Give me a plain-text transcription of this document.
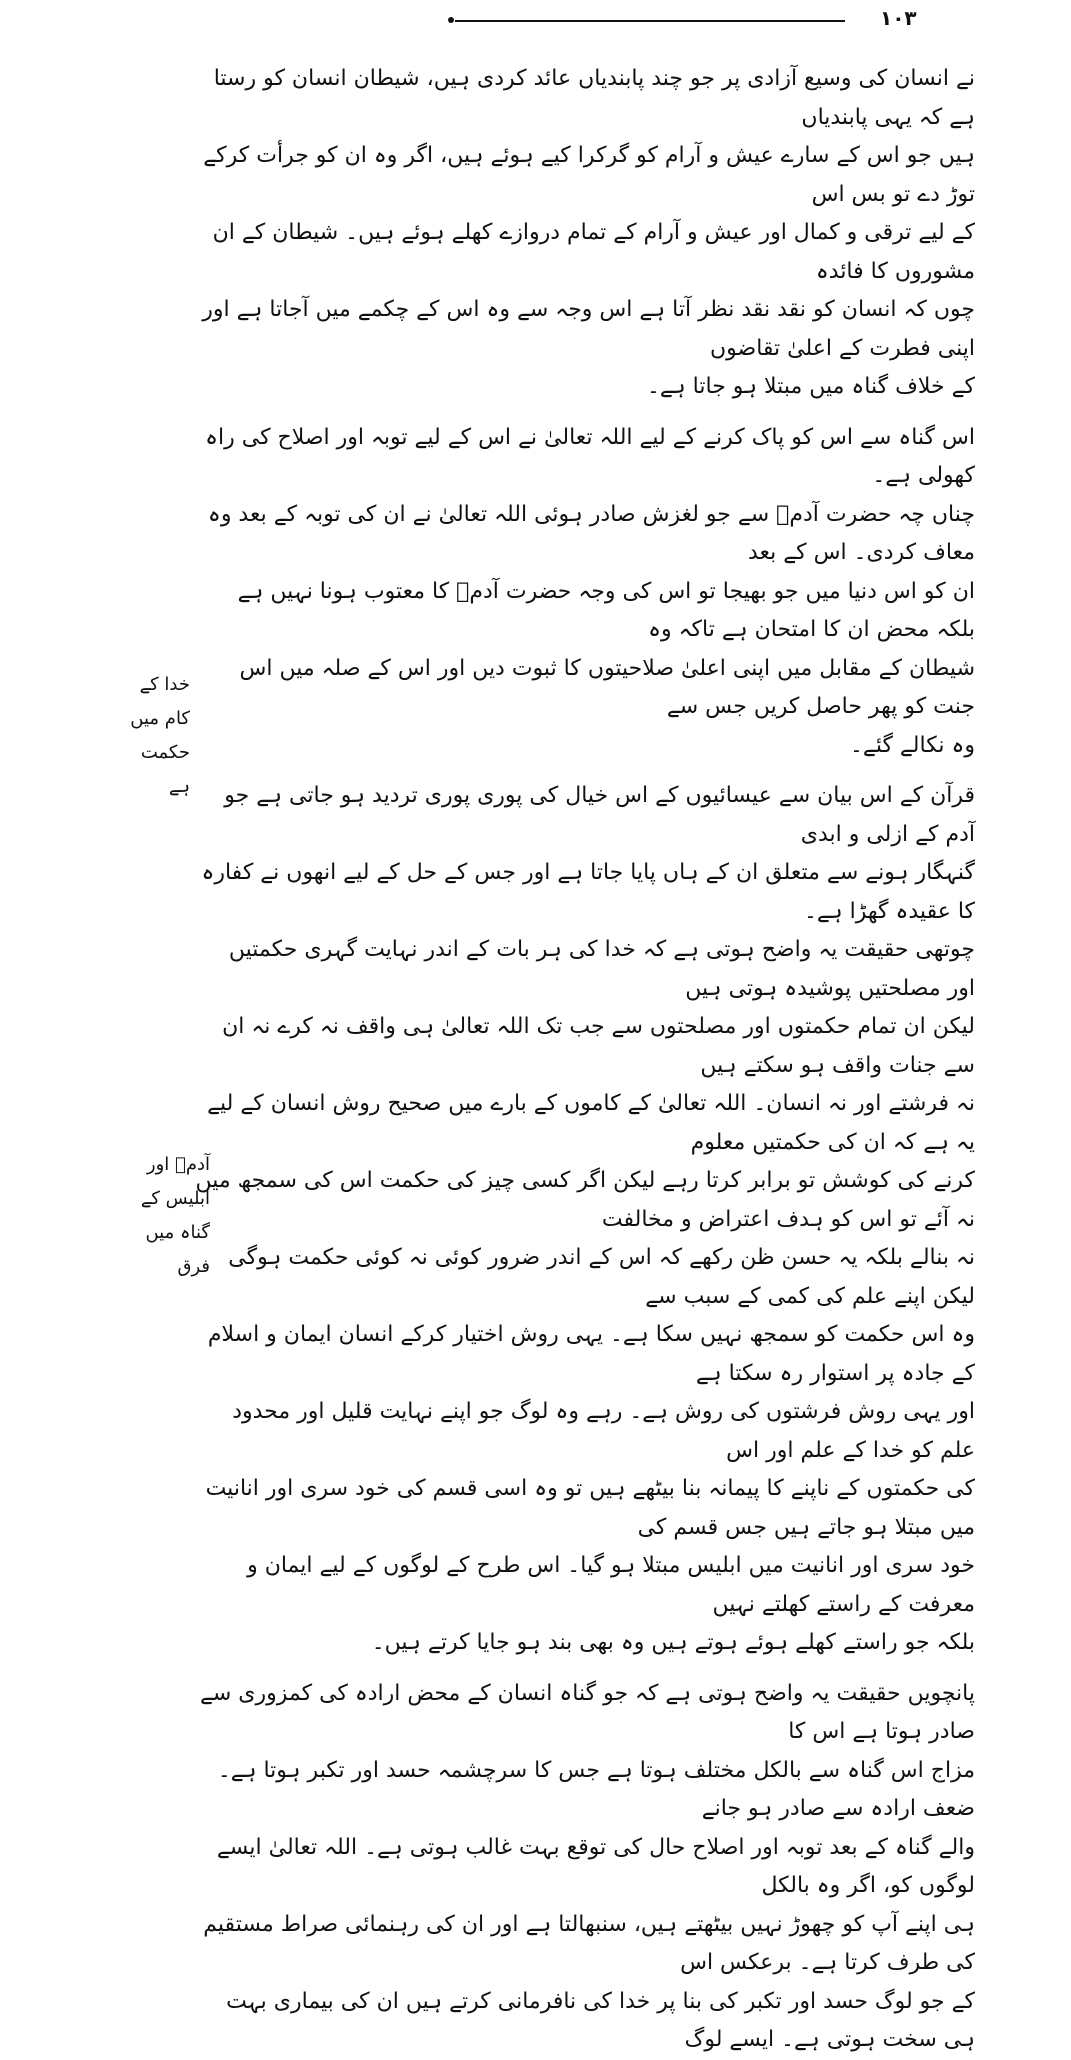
۱۰۳
نے انسان کی وسیع آزادی پر جو چند پابندیاں عائد کردی ہیں، شیطان انسان کو رستا ہے کہ یہی پابندیاں
ہیں جو اس کے سارے عیش و آرام کو گرکرا کیے ہوئے ہیں، اگر وہ ان کو جرأت کرکے توڑ دے تو بس اس
کے لیے ترقی و کمال اور عیش و آرام کے تمام دروازے کھلے ہوئے ہیں۔ شیطان کے ان مشوروں کا فائدہ
چوں کہ انسان کو نقد نقد نظر آتا ہے اس وجہ سے وہ اس کے چکمے میں آجاتا ہے اور اپنی فطرت کے اعلیٰ تقاضوں
کے خلاف گناہ میں مبتلا ہو جاتا ہے۔
اس گناہ سے اس کو پاک کرنے کے لیے اللہ تعالیٰ نے اس کے لیے توبہ اور اصلاح کی راہ کھولی ہے۔
چناں چہ حضرت آدمؑ سے جو لغزش صادر ہوئی اللہ تعالیٰ نے ان کی توبہ کے بعد وہ معاف کردی۔ اس کے بعد
ان کو اس دنیا میں جو بھیجا تو اس کی وجہ حضرت آدمؑ کا معتوب ہونا نہیں ہے بلکہ محض ان کا امتحان ہے تاکہ وہ
شیطان کے مقابل میں اپنی اعلیٰ صلاحیتوں کا ثبوت دیں اور اس کے صلہ میں اس جنت کو پھر حاصل کریں جس سے
وہ نکالے گئے۔
قرآن کے اس بیان سے عیسائیوں کے اس خیال کی پوری پوری تردید ہو جاتی ہے جو آدم کے ازلی و ابدی
گنہگار ہونے سے متعلق ان کے ہاں پایا جاتا ہے اور جس کے حل کے لیے انھوں نے کفارہ کا عقیدہ گھڑا ہے۔
چوتھی حقیقت یہ واضح ہوتی ہے کہ خدا کی ہر بات کے اندر نہایت گہری حکمتیں اور مصلحتیں پوشیدہ ہوتی ہیں
لیکن ان تمام حکمتوں اور مصلحتوں سے جب تک اللہ تعالیٰ ہی واقف نہ کرے نہ ان سے جنات واقف ہو سکتے ہیں
نہ فرشتے اور نہ انسان۔ اللہ تعالیٰ کے کاموں کے بارے میں صحیح روش انسان کے لیے یہ ہے کہ ان کی حکمتیں معلوم
کرنے کی کوشش تو برابر کرتا رہے لیکن اگر کسی چیز کی حکمت اس کی سمجھ میں نہ آئے تو اس کو ہدف اعتراض و مخالفت
نہ بنالے بلکہ یہ حسن ظن رکھے کہ اس کے اندر ضرور کوئی نہ کوئی حکمت ہوگی لیکن اپنے علم کی کمی کے سبب سے
وہ اس حکمت کو سمجھ نہیں سکا ہے۔ یہی روش اختیار کرکے انسان ایمان و اسلام کے جادہ پر استوار رہ سکتا ہے
اور یہی روش فرشتوں کی روش ہے۔ رہے وہ لوگ جو اپنے نہایت قلیل اور محدود علم کو خدا کے علم اور اس
کی حکمتوں کے ناپنے کا پیمانہ بنا بیٹھے ہیں تو وہ اسی قسم کی خود سری اور انانیت میں مبتلا ہو جاتے ہیں جس قسم کی
خود سری اور انانیت میں ابلیس مبتلا ہو گیا۔ اس طرح کے لوگوں کے لیے ایمان و معرفت کے راستے کھلتے نہیں
بلکہ جو راستے کھلے ہوئے ہوتے ہیں وہ بھی بند ہو جایا کرتے ہیں۔
پانچویں حقیقت یہ واضح ہوتی ہے کہ جو گناہ انسان کے محض ارادہ کی کمزوری سے صادر ہوتا ہے اس کا
مزاج اس گناہ سے بالکل مختلف ہوتا ہے جس کا سرچشمہ حسد اور تکبر ہوتا ہے۔ ضعف ارادہ سے صادر ہو جانے
والے گناہ کے بعد توبہ اور اصلاح حال کی توقع بہت غالب ہوتی ہے۔ اللہ تعالیٰ ایسے لوگوں کو، اگر وہ بالکل
ہی اپنے آپ کو چھوڑ نہیں بیٹھتے ہیں، سنبھالتا ہے اور ان کی رہنمائی صراط مستقیم کی طرف کرتا ہے۔ برعکس اس
کے جو لوگ حسد اور تکبر کی بنا پر خدا کی نافرمانی کرتے ہیں ان کی بیماری بہت ہی سخت ہوتی ہے۔ ایسے لوگ
خدا کے
کام میں حکمت
ہے
آدمؑ اور
ابلیس کے
گناہ میں فرق
